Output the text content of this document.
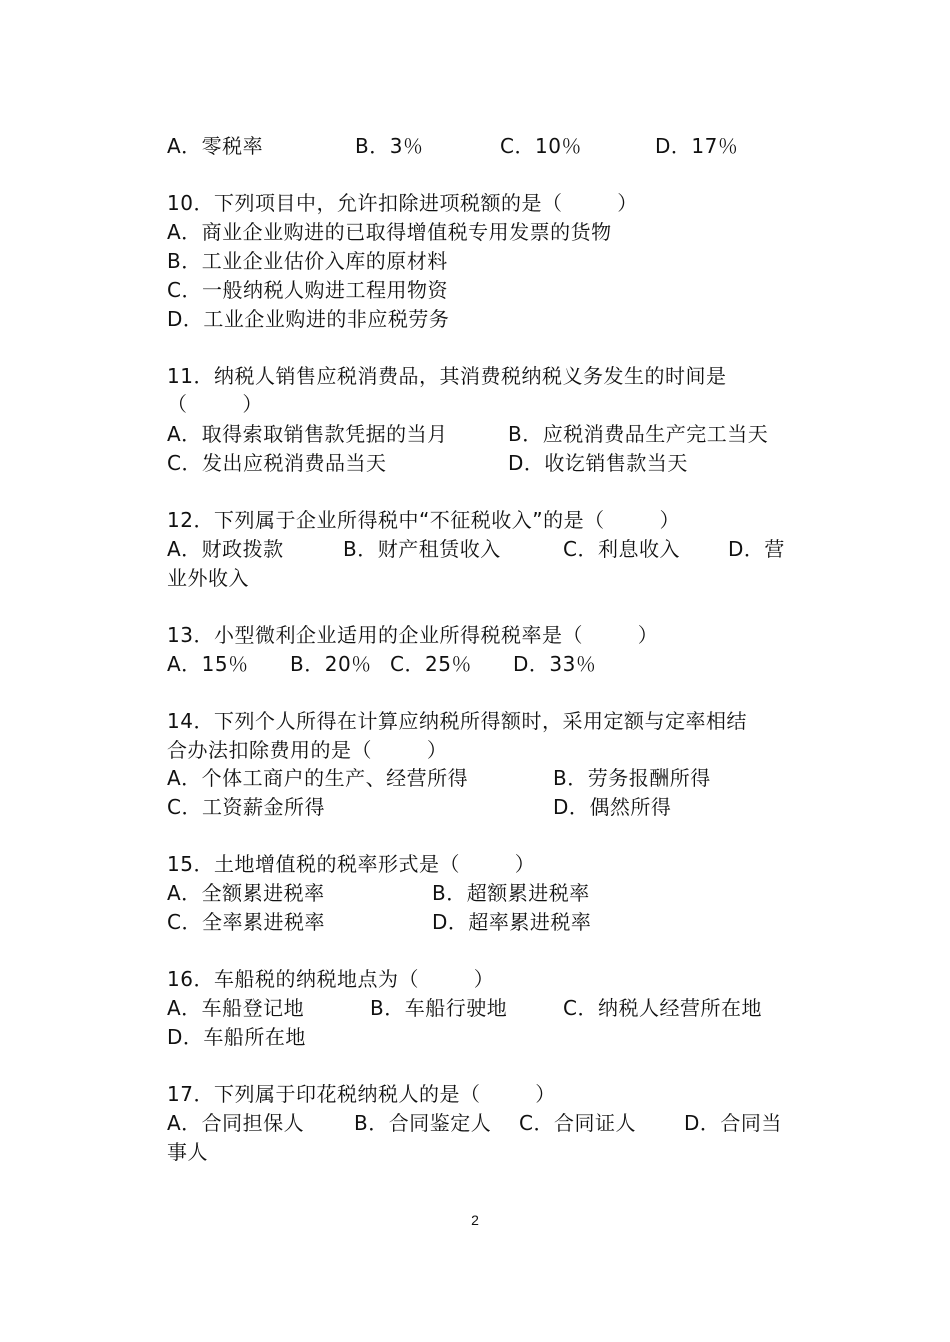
A．零税率	B．3％	C．10％	D．17％
10．下列项目中，允许扣除进项税额的是（        ）
A．商业企业购进的已取得增值税专用发票的货物
B．工业企业估价入库的原材料
C．一般纳税人购进工程用物资
D．工业企业购进的非应税劳务
11．纳税人销售应税消费品，其消费税纳税义务发生的时间是
（        ）
A．取得索取销售款凭据的当月	B．应税消费品生产完工当天
C．发出应税消费品当天	D．收讫销售款当天
12．下列属于企业所得税中“不征税收入”的是（        ）
A．财政拨款	B．财产租赁收入	C．利息收入 D．营
业外收入
13．小型微利企业适用的企业所得税税率是（        ）
A．15％ B．20％ C．25％ D．33％
14．下列个人所得在计算应纳税所得额时，采用定额与定率相结
合办法扣除费用的是（        ）
A．个体工商户的生产、经营所得	B．劳务报酬所得
C．工资薪金所得	D．偶然所得
15．土地增值税的税率形式是（        ）
A．全额累进税率	B．超额累进税率
C．全率累进税率	D．超率累进税率
16．车船税的纳税地点为（        ）
A．车船登记地	B．车船行驶地	C．纳税人经营所在地
D．车船所在地
17．下列属于印花税纳税人的是（        ）
A．合同担保人 B．合同鉴定人 C．合同证人 D．合同当
事人
2
